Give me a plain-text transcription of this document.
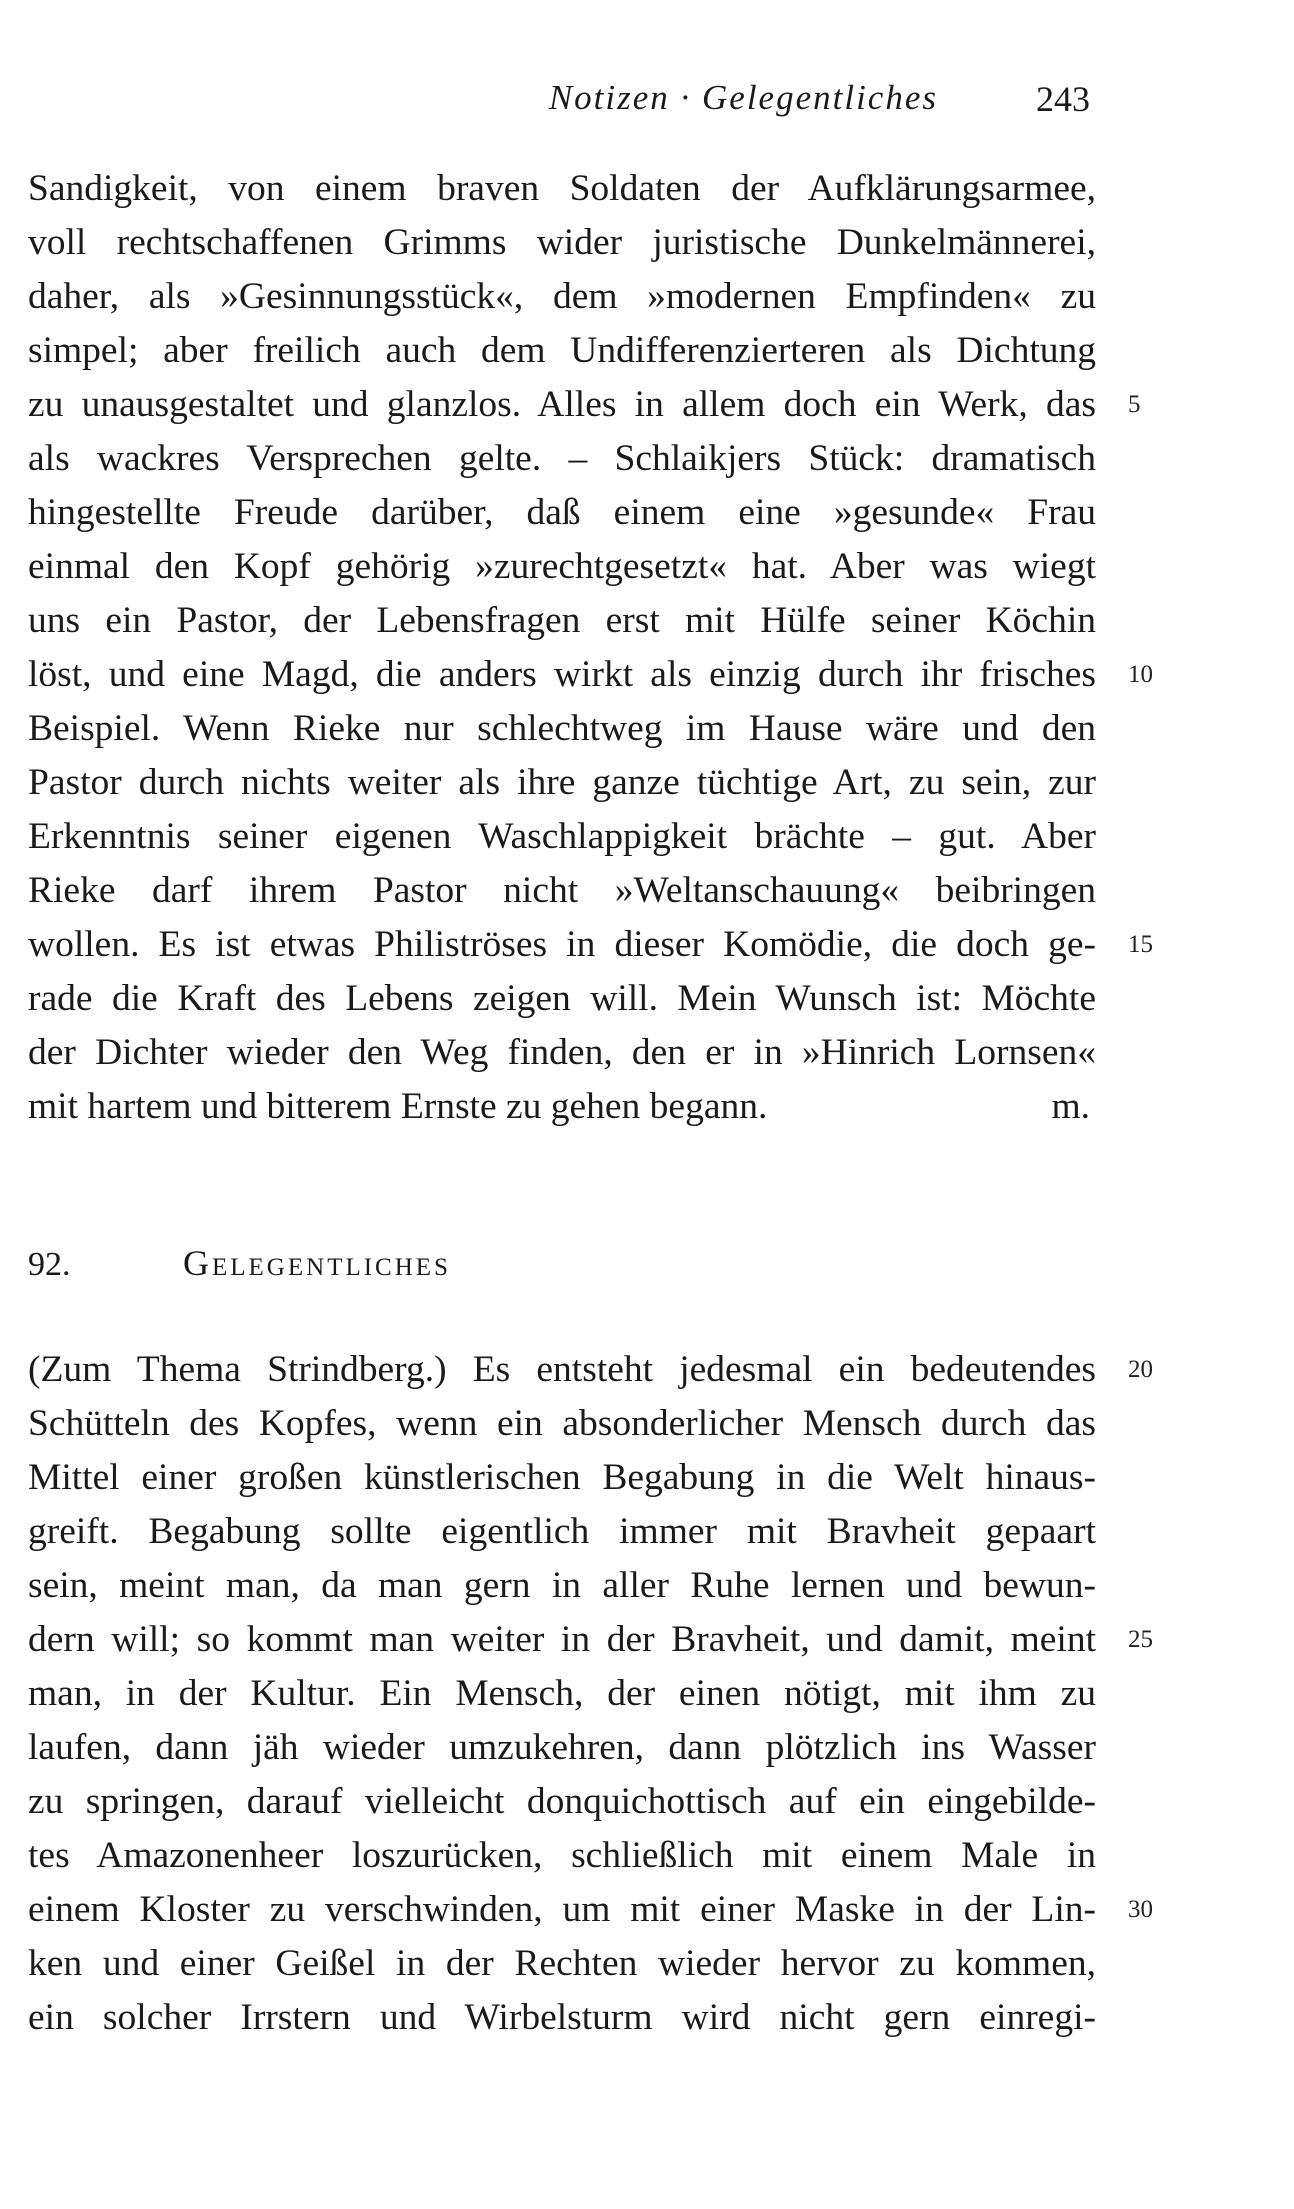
Notizen · Gelegentliches	243
Sandigkeit, von einem braven Soldaten der Aufklärungsarmee,
voll rechtschaffenen Grimms wider juristische Dunkelmännerei,
daher, als »Gesinnungsstück«, dem »modernen Empfinden« zu
simpel; aber freilich auch dem Undifferenzierteren als Dichtung
zu unausgestaltet und glanzlos. Alles in allem doch ein Werk, das
als wackres Versprechen gelte. – Schlaikjers Stück: dramatisch
hingestellte Freude darüber, daß einem eine »gesunde« Frau
einmal den Kopf gehörig »zurechtgesetzt« hat. Aber was wiegt
uns ein Pastor, der Lebensfragen erst mit Hülfe seiner Köchin
löst, und eine Magd, die anders wirkt als einzig durch ihr frisches
Beispiel. Wenn Rieke nur schlechtweg im Hause wäre und den
Pastor durch nichts weiter als ihre ganze tüchtige Art, zu sein, zur
Erkenntnis seiner eigenen Waschlappigkeit brächte – gut. Aber
Rieke darf ihrem Pastor nicht »Weltanschauung« beibringen
wollen. Es ist etwas Philiströses in dieser Komödie, die doch ge-
rade die Kraft des Lebens zeigen will. Mein Wunsch ist: Möchte
der Dichter wieder den Weg finden, den er in »Hinrich Lornsen«
mit hartem und bitterem Ernste zu gehen begann.	m.
92.	Gelegentliches
(Zum Thema Strindberg.) Es entsteht jedesmal ein bedeutendes
Schütteln des Kopfes, wenn ein absonderlicher Mensch durch das
Mittel einer großen künstlerischen Begabung in die Welt hinaus-
greift. Begabung sollte eigentlich immer mit Bravheit gepaart
sein, meint man, da man gern in aller Ruhe lernen und bewun-
dern will; so kommt man weiter in der Bravheit, und damit, meint
man, in der Kultur. Ein Mensch, der einen nötigt, mit ihm zu
laufen, dann jäh wieder umzukehren, dann plötzlich ins Wasser
zu springen, darauf vielleicht donquichottisch auf ein eingebilde-
tes Amazonenheer loszurücken, schließlich mit einem Male in
einem Kloster zu verschwinden, um mit einer Maske in der Lin-
ken und einer Geißel in der Rechten wieder hervor zu kommen,
ein solcher Irrstern und Wirbelsturm wird nicht gern einregi-
5
10
15
20
25
30
